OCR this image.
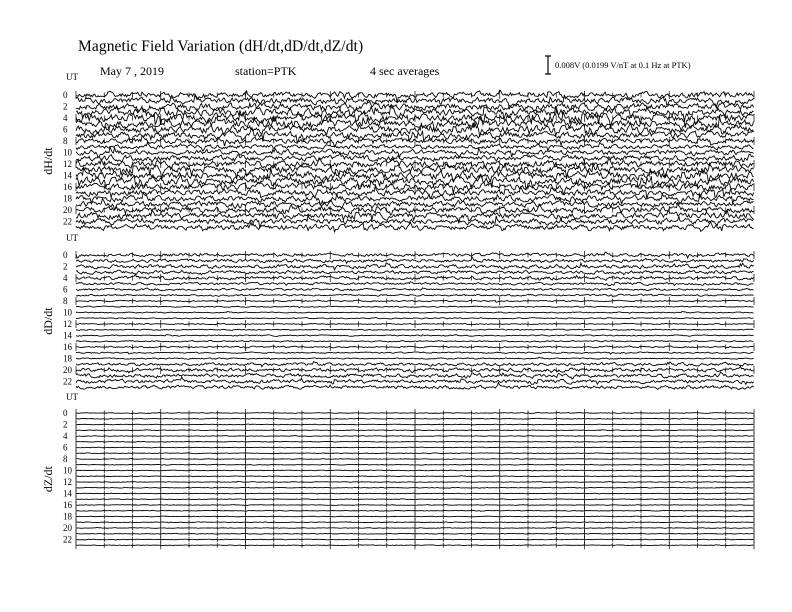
Magnetic Field Variation (dH/dt,dD/dt,dZ/dt)
May 7 , 2019	station=PTK	4 sec averages	0.008V (0.0199 V/nT at 0.1 Hz at PTK)
UT
dH/dt
0
2
4
6
8
10
12
14
16
18
20
22
UT
dD/dt
0
2
4
6
8
10
12
14
16
18
20
22
UT
dZ/dt
0
2
4
6
8
10
12
14
16
18
20
22
